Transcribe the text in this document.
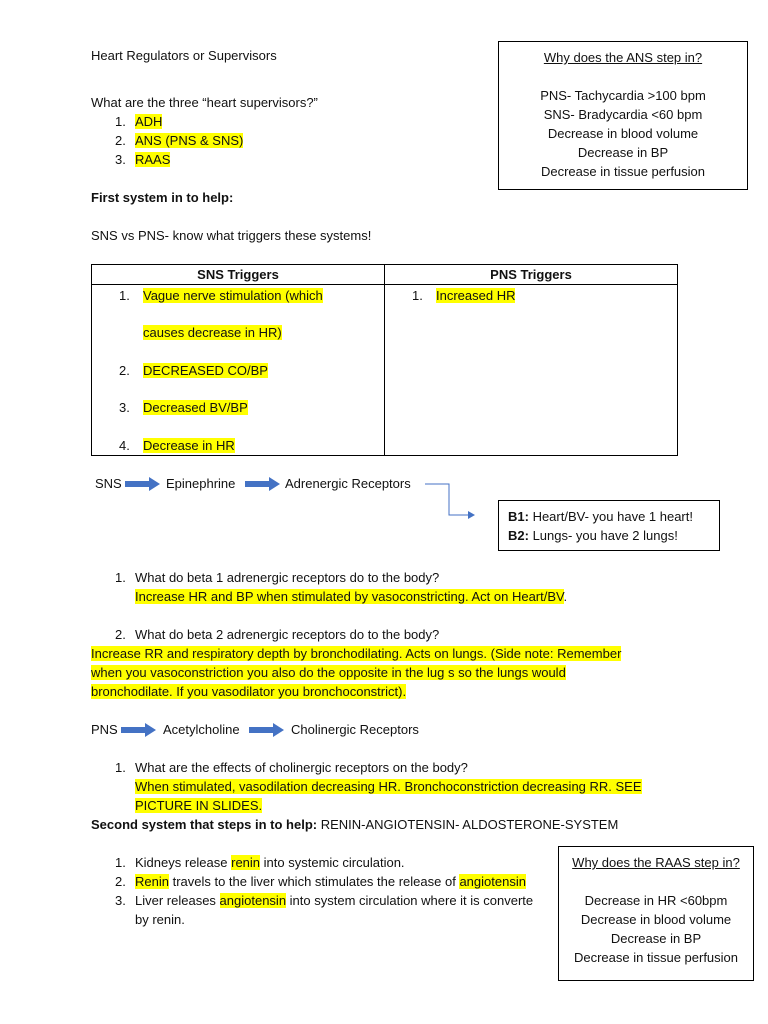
Heart Regulators or Supervisors
What are the three “heart supervisors?”
1. ADH
2. ANS (PNS & SNS)
3. RAAS
First system in to help:
SNS vs PNS- know what triggers these systems!
Why does the ANS step in?
PNS- Tachycardia >100 bpm
SNS- Bradycardia <60 bpm
Decrease in blood volume
Decrease in BP
Decrease in tissue perfusion
SNS Triggers	PNS Triggers

1. Vague nerve stimulation (which
causes decrease in HR)
2. DECREASED CO/BP
3. Decreased BV/BP
4. Decrease in HR	1. Increased HR
SNS	Epinephrine	Adrenergic Receptors
B1: Heart/BV- you have 1 heart!
B2: Lungs- you have 2 lungs!
1. What do beta 1 adrenergic receptors do to the body?
Increase HR and BP when stimulated by vasoconstricting. Act on Heart/BV.
2. What do beta 2 adrenergic receptors do to the body?
Increase RR and respiratory depth by bronchodilating. Acts on lungs. (Side note: Remember
when you vasoconstriction you also do the opposite in the lug s so the lungs would
bronchodilate. If you vasodilator you bronchoconstrict).
PNS	Acetylcholine	Cholinergic Receptors
1. What are the effects of cholinergic receptors on the body?
When stimulated, vasodilation decreasing HR. Bronchoconstriction decreasing RR. SEE
PICTURE IN SLIDES.
Second system that steps in to help: RENIN-ANGIOTENSIN- ALDOSTERONE-SYSTEM
1. Kidneys release renin into systemic circulation.
2. Renin travels to the liver which stimulates the release of angiotensin
3. Liver releases angiotensin into system circulation where it is converte
by renin.
Why does the RAAS step in?
Decrease in HR <60bpm
Decrease in blood volume
Decrease in BP
Decrease in tissue perfusion
